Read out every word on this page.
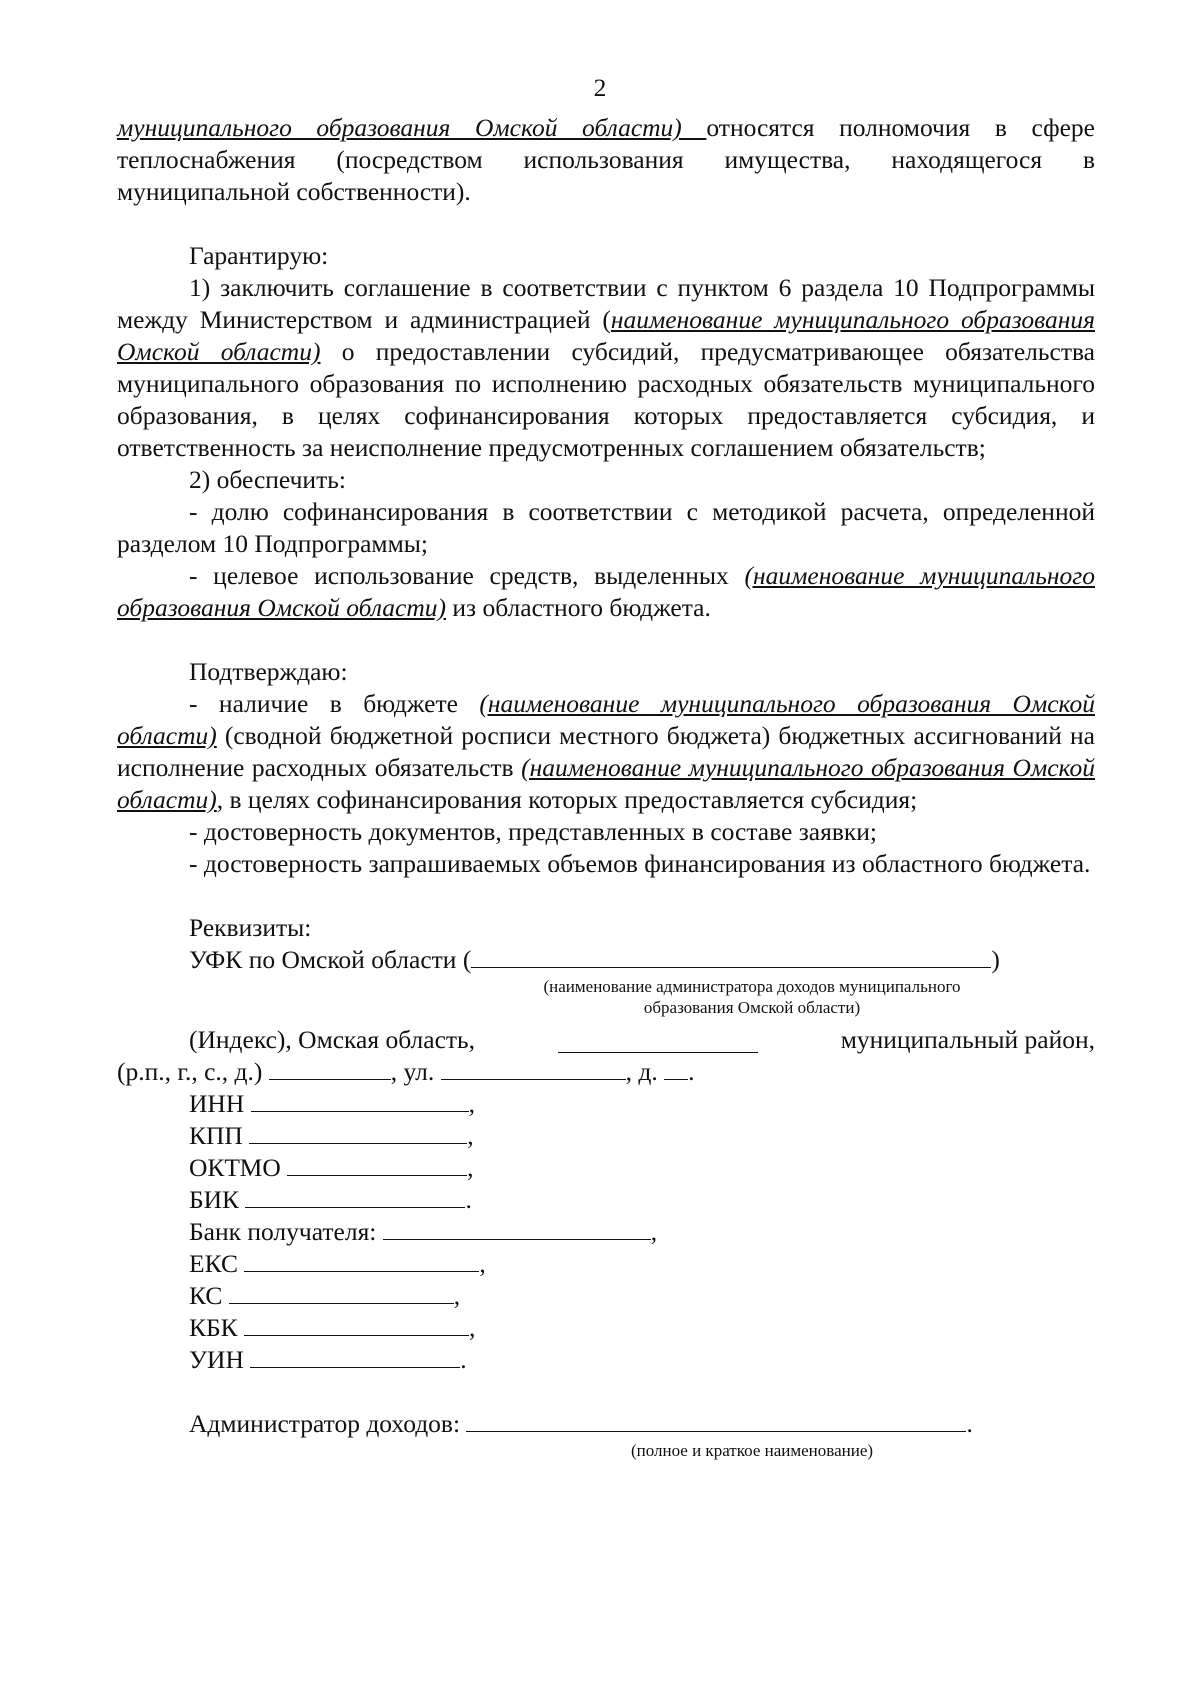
2

муниципального образования Омской области) относятся полномочия в сфере теплоснабжения (посредством использования имущества, находящегося в муниципальной собственности).

Гарантирую:

1) заключить соглашение в соответствии с пунктом 6 раздела 10 Подпрограммы между Министерством и администрацией (наименование муниципального образования Омской области) о предоставлении субсидий, предусматривающее обязательства муниципального образования по исполнению расходных обязательств муниципального образования, в целях софинансирования которых предоставляется субсидия, и ответственность за неисполнение предусмотренных соглашением обязательств;

2) обеспечить:

- долю софинансирования в соответствии с методикой расчета, определенной разделом 10 Подпрограммы;

- целевое использование средств, выделенных (наименование муниципального образования Омской области) из областного бюджета.

Подтверждаю:

- наличие в бюджете (наименование муниципального образования Омской области) (сводной бюджетной росписи местного бюджета) бюджетных ассигнований на исполнение расходных обязательств (наименование муниципального образования Омской области), в целях софинансирования которых предоставляется субсидия;

- достоверность документов, представленных в составе заявки;

- достоверность запрашиваемых объемов финансирования из областного бюджета.

Реквизиты:

УФК по Омской области (	)

(наименование администратора доходов муниципального образования Омской области)

(Индекс), Омская область,	муниципальный район,

(р.п., г., с., д.)	, ул.	, д. .

ИНН	,

КПП	,

ОКТМО	,

БИК	.

Банк получателя:	,

ЕКС	,

КС	,

КБК	,

УИН	.

Администратор доходов:	.

(полное и краткое наименование)
